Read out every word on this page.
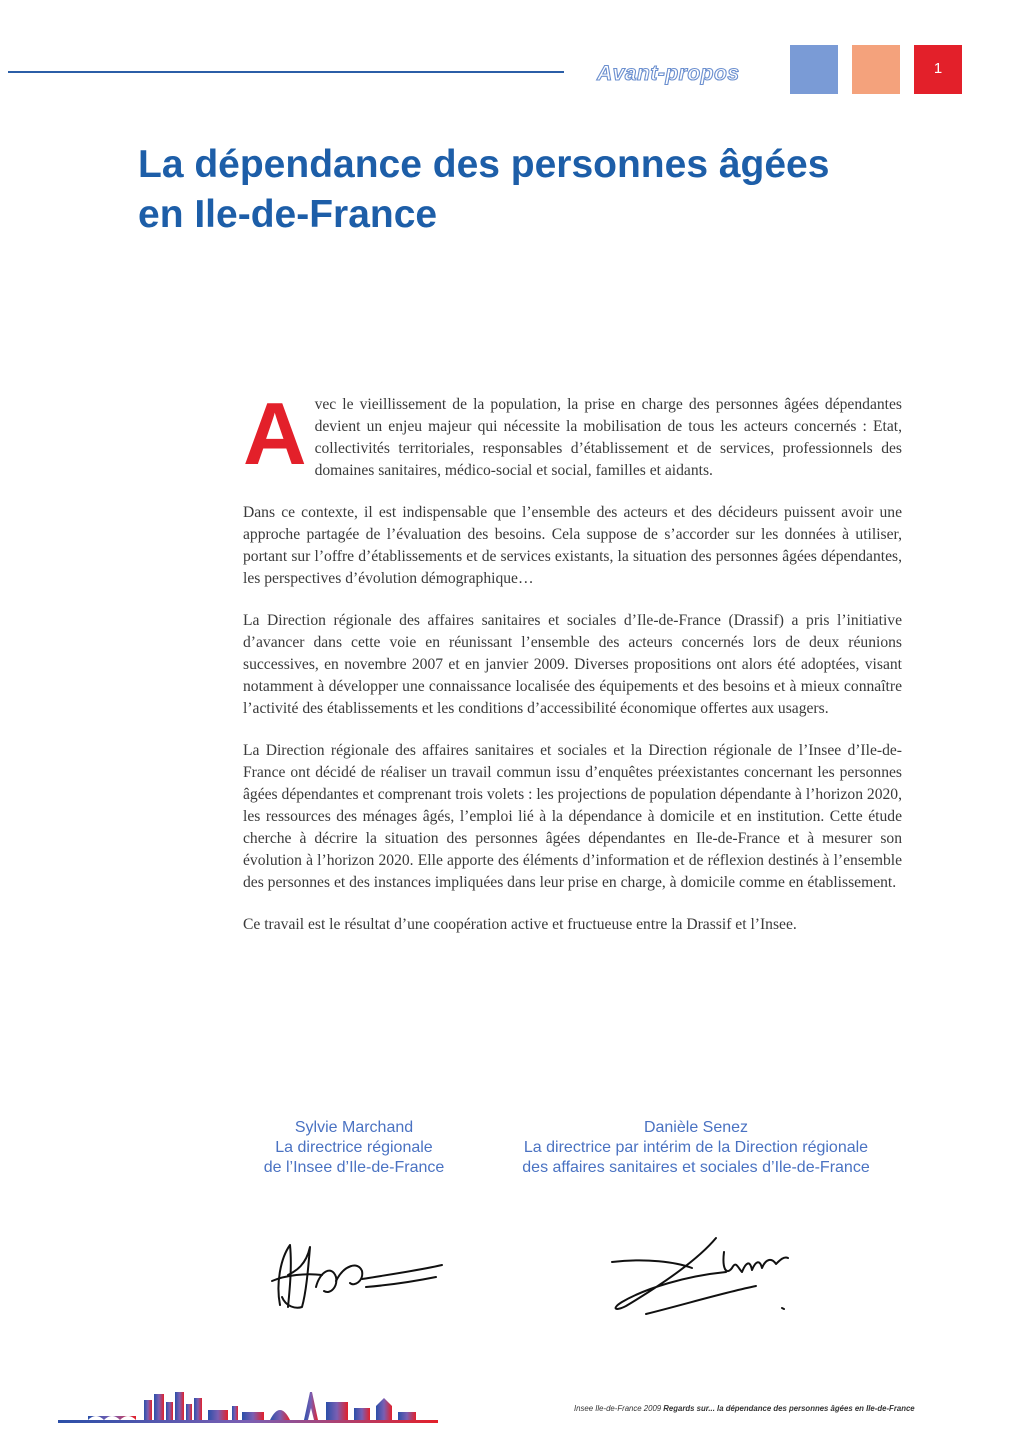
Avant-propos	1
La dépendance des personnes âgées
en Ile-de-France

Avec le vieillissement de la population, la prise en charge des personnes âgées dépendantes devient un enjeu majeur qui nécessite la mobilisation de tous les acteurs concernés : Etat, collectivités territoriales, responsables d’établissement et de services, professionnels des domaines sanitaires, médico-social et social, familles et aidants.

Dans ce contexte, il est indispensable que l’ensemble des acteurs et des décideurs puissent avoir une approche partagée de l’évaluation des besoins. Cela suppose de s’accorder sur les données à utiliser, portant sur l’offre d’établissements et de services existants, la situation des personnes âgées dépendantes, les perspectives d’évolution démographique…

La Direction régionale des affaires sanitaires et sociales d’Ile-de-France (Drassif) a pris l’initiative d’avancer dans cette voie en réunissant l’ensemble des acteurs concernés lors de deux réunions successives, en novembre 2007 et en janvier 2009. Diverses propositions ont alors été adoptées, visant notamment à développer une connaissance localisée des équipements et des besoins et à mieux connaître l’activité des établissements et les conditions d’accessibilité économique offertes aux usagers.

La Direction régionale des affaires sanitaires et sociales et la Direction régionale de l’Insee d’Ile-de-France ont décidé de réaliser un travail commun issu d’enquêtes préexistantes concernant les personnes âgées dépendantes et comprenant trois volets : les projections de population dépendante à l’horizon 2020, les ressources des ménages âgés, l’emploi lié à la dépendance à domicile et en institution. Cette étude cherche à décrire la situation des personnes âgées dépendantes en Ile-de-France et à mesurer son évolution à l’horizon 2020. Elle apporte des éléments d’information et de réflexion destinés à l’ensemble des personnes et des instances impliquées dans leur prise en charge, à domicile comme en établissement.

Ce travail est le résultat d’une coopération active et fructueuse entre la Drassif et l’Insee.

Sylvie Marchand
La directrice régionale
de l’Insee d’Ile-de-France
Danièle Senez
La directrice par intérim de la Direction régionale
des affaires sanitaires et sociales d’Ile-de-France
Insee Ile-de-France 2009 Regards sur... la dépendance des personnes âgées en Ile-de-France
